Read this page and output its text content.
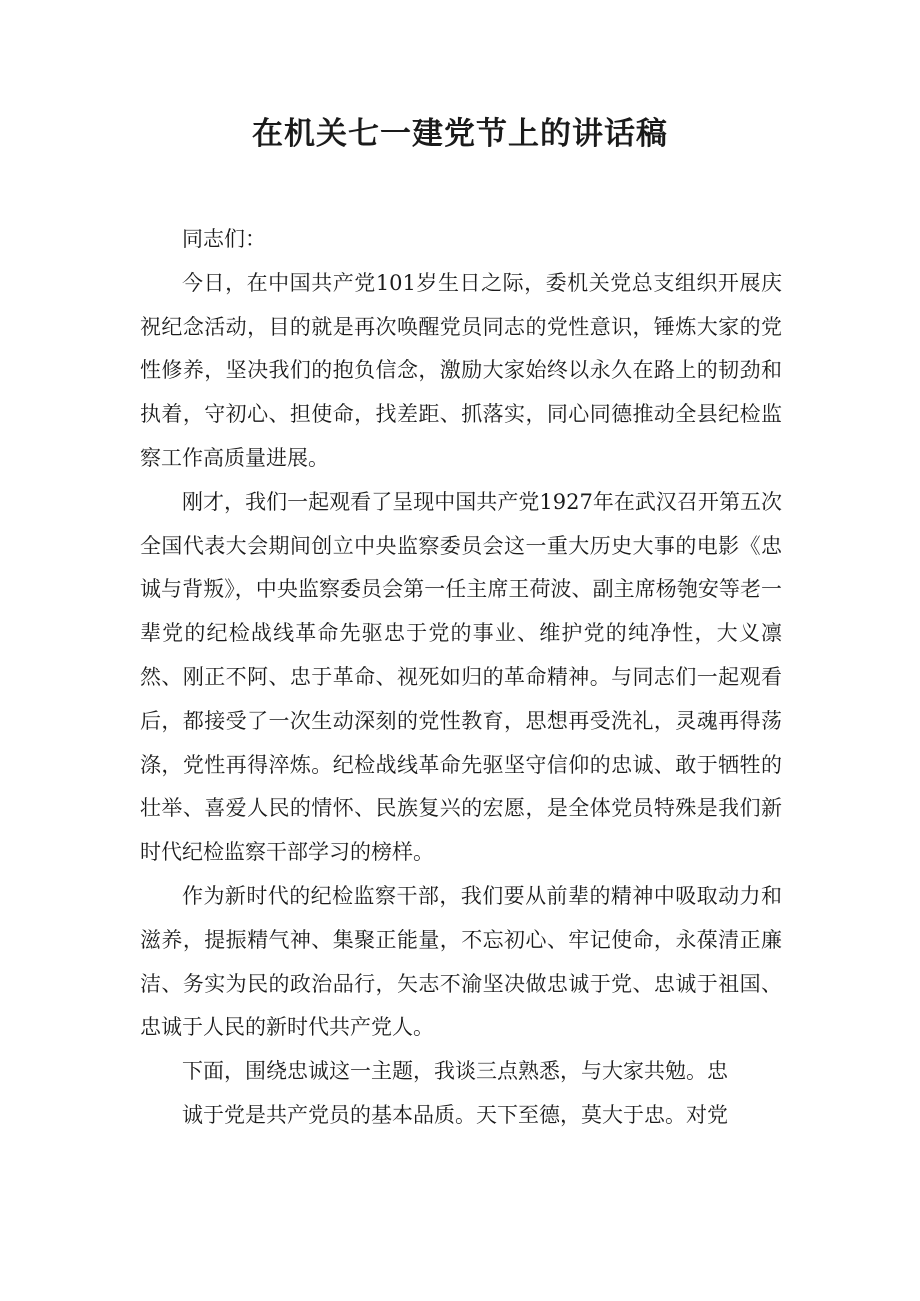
在机关七一建党节上的讲话稿

同志们：

今日，在中国共产党101岁生日之际，委机关党总支组织开展庆祝纪念活动，目的就是再次唤醒党员同志的党性意识，锤炼大家的党性修养，坚决我们的抱负信念，激励大家始终以永久在路上的韧劲和执着，守初心、担使命，找差距、抓落实，同心同德推动全县纪检监察工作高质量进展。

刚才，我们一起观看了呈现中国共产党1927年在武汉召开第五次全国代表大会期间创立中央监察委员会这一重大历史大事的电影《忠诚与背叛》，中央监察委员会第一任主席王荷波、副主席杨匏安等老一辈党的纪检战线革命先驱忠于党的事业、维护党的纯净性，大义凛然、刚正不阿、忠于革命、视死如归的革命精神。与同志们一起观看后，都接受了一次生动深刻的党性教育，思想再受洗礼，灵魂再得荡涤，党性再得淬炼。纪检战线革命先驱坚守信仰的忠诚、敢于牺牲的壮举、喜爱人民的情怀、民族复兴的宏愿，是全体党员特殊是我们新时代纪检监察干部学习的榜样。

作为新时代的纪检监察干部，我们要从前辈的精神中吸取动力和滋养，提振精气神、集聚正能量，不忘初心、牢记使命，永葆清正廉洁、务实为民的政治品行，矢志不渝坚决做忠诚于党、忠诚于祖国、忠诚于人民的新时代共产党人。

下面，围绕忠诚这一主题，我谈三点熟悉，与大家共勉。忠

诚于党是共产党员的基本品质。天下至德，莫大于忠。对党
